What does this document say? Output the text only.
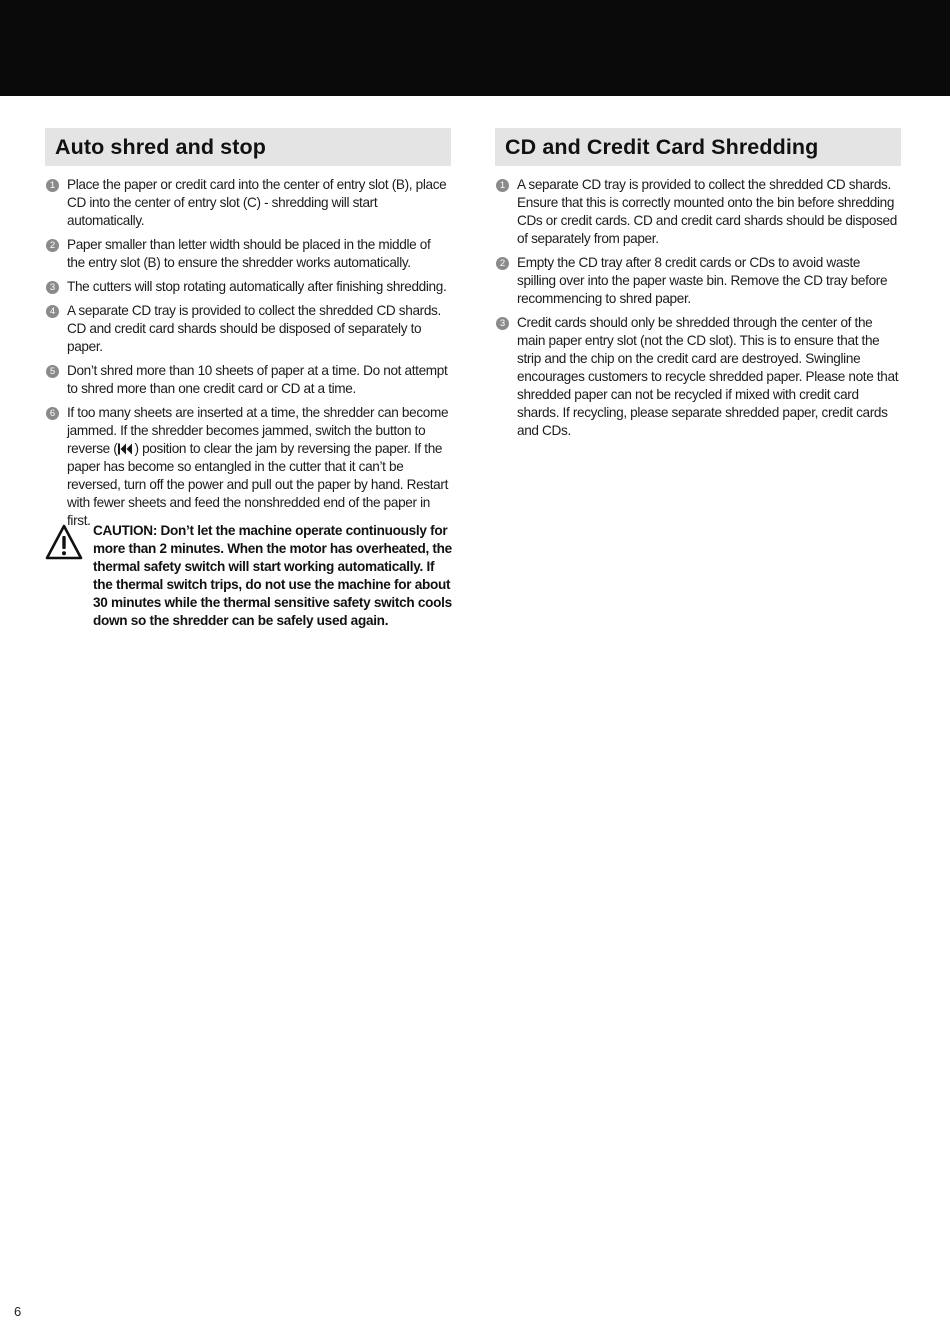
Auto shred and stop
1 Place the paper or credit card into the center of entry slot (B), place CD into the center of entry slot (C) - shredding will start automatically.
2 Paper smaller than letter width should be placed in the middle of the entry slot (B) to ensure the shredder works automatically.
3 The cutters will stop rotating automatically after finishing shredding.
4 A separate CD tray is provided to collect the shredded CD shards. CD and credit card shards should be disposed of separately to paper.
5 Don’t shred more than 10 sheets of paper at a time. Do not attempt to shred more than one credit card or CD at a time.
6 If too many sheets are inserted at a time, the shredder can become jammed. If the shredder becomes jammed, switch the button to reverse ( ) position to clear the jam by reversing the paper. If the paper has become so entangled in the cutter that it can’t be reversed, turn off the power and pull out the paper by hand. Restart with fewer sheets and feed the nonshredded end of the paper in first.
CD and Credit Card Shredding
1 A separate CD tray is provided to collect the shredded CD shards. Ensure that this is correctly mounted onto the bin before shredding CDs or credit cards. CD and credit card shards should be disposed of separately from paper.
2 Empty the CD tray after 8 credit cards or CDs to avoid waste spilling over into the paper waste bin. Remove the CD tray before recommencing to shred paper.
3 Credit cards should only be shredded through the center of the main paper entry slot (not the CD slot). This is to ensure that the strip and the chip on the credit card are destroyed. Swingline encourages customers to recycle shredded paper. Please note that shredded paper can not be recycled if mixed with credit card shards. If recycling, please separate shredded paper, credit cards and CDs.
CAUTION: Don’t let the machine operate continuously for more than 2 minutes. When the motor has overheated, the thermal safety switch will start working automatically. If the thermal switch trips, do not use the machine for about 30 minutes while the thermal sensitive safety switch cools down so the shredder can be safely used again.
6
